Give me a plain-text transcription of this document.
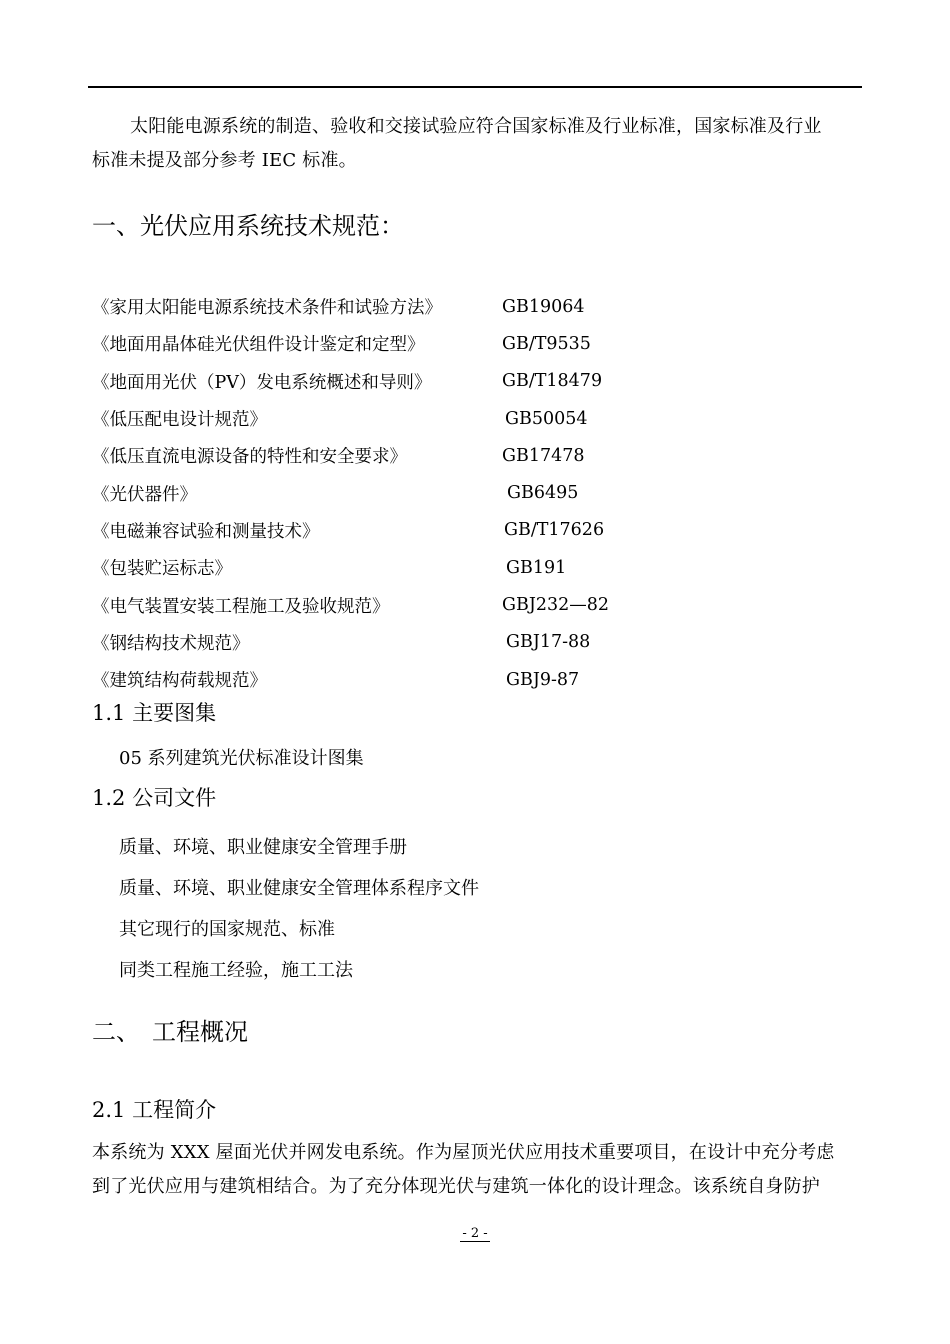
太阳能电源系统的制造、验收和交接试验应符合国家标准及行业标准，国家标准及行业
标准未提及部分参考 IEC 标准。
一、光伏应用系统技术规范：
《家用太阳能电源系统技术条件和试验方法》	GB19064
《地面用晶体硅光伏组件设计鉴定和定型》	GB/T9535
《地面用光伏（PV）发电系统概述和导则》	GB/T18479
《低压配电设计规范》	GB50054
《低压直流电源设备的特性和安全要求》	GB17478
《光伏器件》	GB6495
《电磁兼容试验和测量技术》	GB/T17626
《包装贮运标志》	GB191
《电气装置安装工程施工及验收规范》	GBJ232—82
《钢结构技术规范》	GBJ17-88
《建筑结构荷载规范》	GBJ9-87
1.1 主要图集
05 系列建筑光伏标准设计图集
1.2 公司文件
质量、环境、职业健康安全管理手册
质量、环境、职业健康安全管理体系程序文件
其它现行的国家规范、标准
同类工程施工经验，施工工法
二、　工程概况
2.1 工程简介
本系统为 XXX 屋面光伏并网发电系统。作为屋顶光伏应用技术重要项目，在设计中充分考虑
到了光伏应用与建筑相结合。为了充分体现光伏与建筑一体化的设计理念。该系统自身防护
- 2 -
